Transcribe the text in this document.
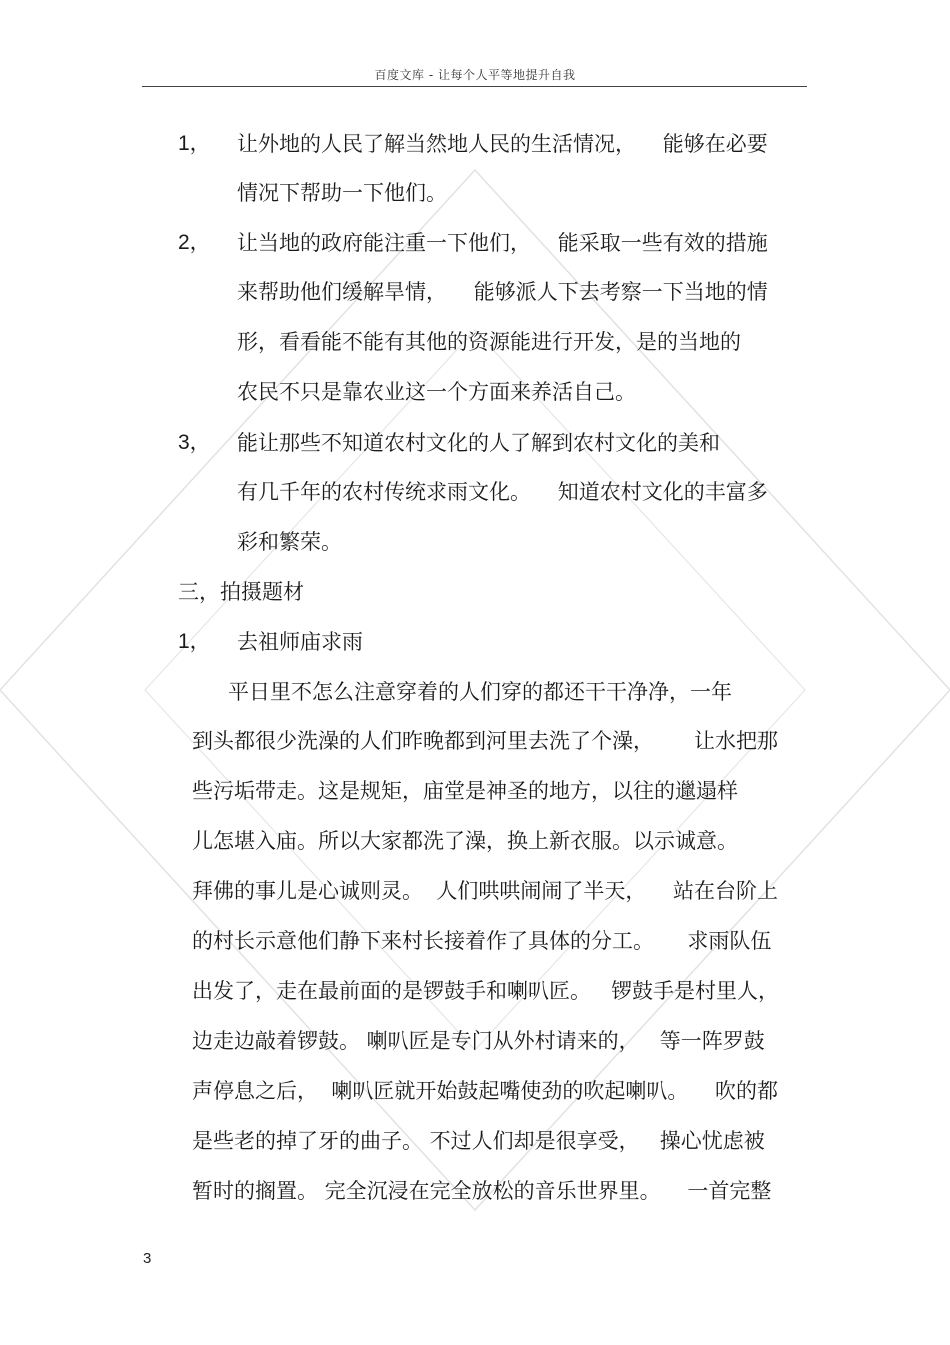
百度文库 - 让每个人平等地提升自我
1， 让外地的人民了解当然地人民的生活情况，    能够在必要
情况下帮助一下他们。
2， 让当地的政府能注重一下他们，    能采取一些有效的措施
来帮助他们缓解旱情，    能够派人下去考察一下当地的情
形，看看能不能有其他的资源能进行开发，是的当地的
农民不只是靠农业这一个方面来养活自己。
3， 能让那些不知道农村文化的人了解到农村文化的美和
有几千年的农村传统求雨文化。    知道农村文化的丰富多
彩和繁荣。
三，拍摄题材
1， 去祖师庙求雨
平日里不怎么注意穿着的人们穿的都还干干净净，一年
到头都很少洗澡的人们昨晚都到河里去洗了个澡，      让水把那
些污垢带走。这是规矩，庙堂是神圣的地方，以往的邋遢样
儿怎堪入庙。所以大家都洗了澡，换上新衣服。以示诚意。
拜佛的事儿是心诚则灵。  人们哄哄闹闹了半天，    站在台阶上
的村长示意他们静下来村长接着作了具体的分工。     求雨队伍
出发了，走在最前面的是锣鼓手和喇叭匠。   锣鼓手是村里人，
边走边敲着锣鼓。 喇叭匠是专门从外村请来的，   等一阵罗鼓
声停息之后，  喇叭匠就开始鼓起嘴使劲的吹起喇叭。    吹的都
是些老的掉了牙的曲子。 不过人们却是很享受，   操心忧虑被
暂时的搁置。 完全沉浸在完全放松的音乐世界里。    一首完整
3
